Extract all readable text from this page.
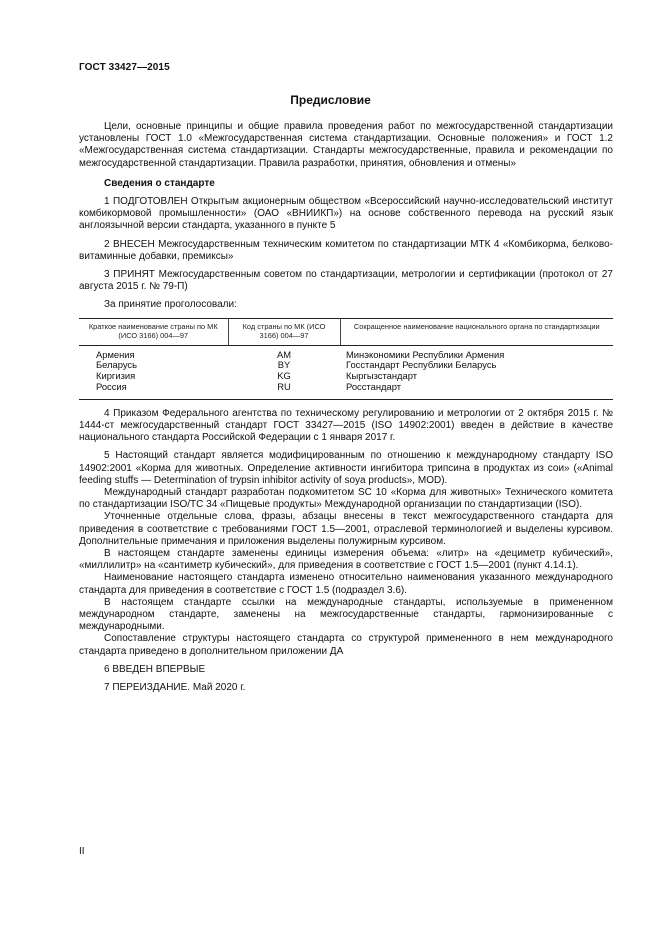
ГОСТ 33427—2015
Предисловие

Цели, основные принципы и общие правила проведения работ по межгосударственной стандартизации установлены ГОСТ 1.0 «Межгосударственная система стандартизации. Основные положения» и ГОСТ 1.2 «Межгосударственная система стандартизации. Стандарты межгосударственные, правила и рекомендации по межгосударственной стандартизации. Правила разработки, принятия, обновления и отмены»

Сведения о стандарте

1 ПОДГОТОВЛЕН Открытым акционерным обществом «Всероссийский научно-исследовательский институт комбикормовой промышленности» (ОАО «ВНИИКП») на основе собственного перевода на русский язык англоязычной версии стандарта, указанного в пункте 5

2 ВНЕСЕН Межгосударственным техническим комитетом по стандартизации МТК 4 «Комбикорма, белково-витаминные добавки, премиксы»

3 ПРИНЯТ Межгосударственным советом по стандартизации, метрологии и сертификации (протокол от 27 августа 2015 г. № 79-П)

За принятие проголосовали:

Краткое наименование страны по МК (ИСО 3166) 004—97	Код страны по МК (ИСО 3166) 004—97	Сокращенное наименование национального органа по стандартизации
Армения	AM	Минэкономики Республики Армения
Беларусь	BY	Госстандарт Республики Беларусь
Киргизия	KG	Кыргызстандарт
Россия	RU	Росстандарт

4 Приказом Федерального агентства по техническому регулированию и метрологии от 2 октября 2015 г. № 1444-ст межгосударственный стандарт ГОСТ 33427—2015 (ISO 14902:2001) введен в действие в качестве национального стандарта Российской Федерации с 1 января 2017 г.

5 Настоящий стандарт является модифицированным по отношению к международному стандарту ISO 14902:2001 «Корма для животных. Определение активности ингибитора трипсина в продуктах из сои» («Animal feeding stuffs — Determination of trypsin inhibitor activity of soya products», MOD).

Международный стандарт разработан подкомитетом SC 10 «Корма для животных» Технического комитета по стандартизации ISO/TC 34 «Пищевые продукты» Международной организации по стандартизации (ISO).

Уточненные отдельные слова, фразы, абзацы внесены в текст межгосударственного стандарта для приведения в соответствие с требованиями ГОСТ 1.5—2001, отраслевой терминологией и выделены курсивом. Дополнительные примечания и приложения выделены полужирным курсивом.

В настоящем стандарте заменены единицы измерения объема: «литр» на «дециметр кубический», «миллилитр» на «сантиметр кубический», для приведения в соответствие с ГОСТ 1.5—2001 (пункт 4.14.1).

Наименование настоящего стандарта изменено относительно наименования указанного международного стандарта для приведения в соответствие с ГОСТ 1.5 (подраздел 3.6).

В настоящем стандарте ссылки на международные стандарты, используемые в примененном международном стандарте, заменены на межгосударственные стандарты, гармонизированные с международными.

Сопоставление структуры настоящего стандарта со структурой примененного в нем международного стандарта приведено в дополнительном приложении ДА

6 ВВЕДЕН ВПЕРВЫЕ

7 ПЕРЕИЗДАНИЕ. Май 2020 г.

II
